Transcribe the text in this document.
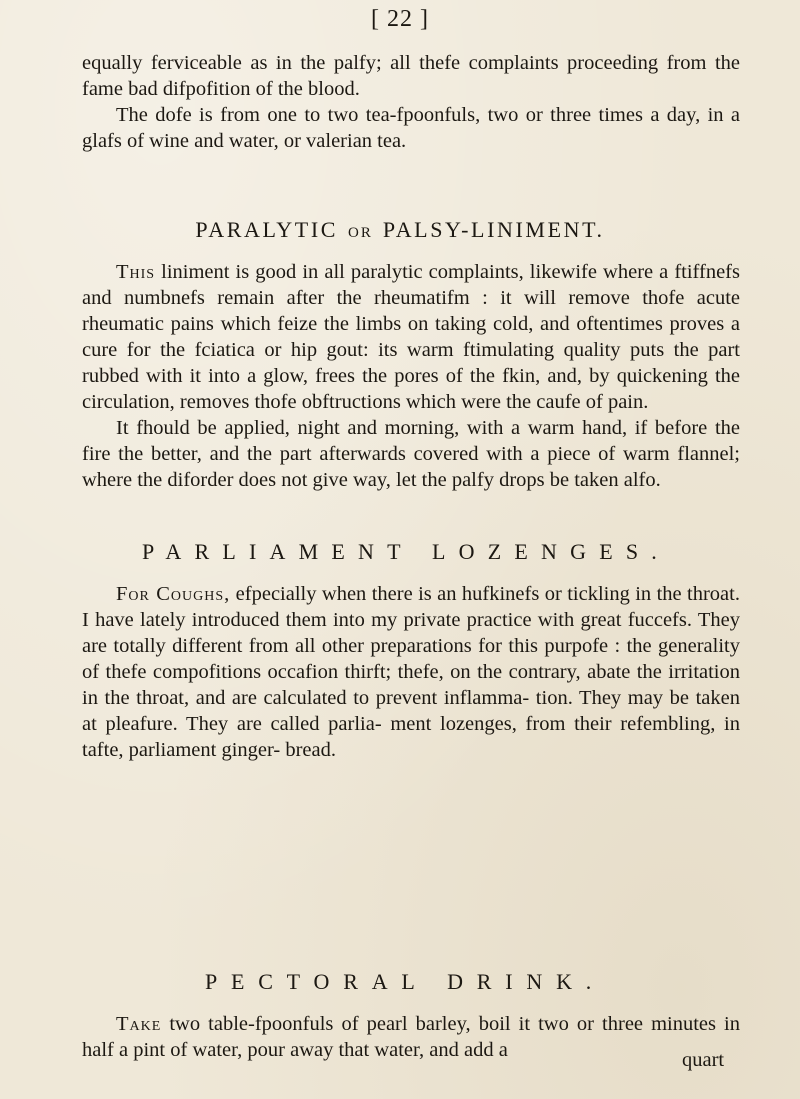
[ 22 ]

equally ferviceable as in the palfy; all thefe complaints proceeding from the fame bad difpofition of the blood.

The dofe is from one to two tea-fpoonfuls, two or three times a day, in a glafs of wine and water, or valerian tea.

PARALYTIC OR PALSY-LINIMENT.

This liniment is good in all paralytic complaints, likewife where a ftiffnefs and numbnefs remain after the rheumatifm : it will remove thofe acute rheumatic pains which feize the limbs on taking cold, and oftentimes proves a cure for the fciatica or hip gout: its warm ftimulating quality puts the part rubbed with it into a glow, frees the pores of the fkin, and, by quickening the circulation, removes thofe obftructions which were the caufe of pain.

It fhould be applied, night and morning, with a warm hand, if before the fire the better, and the part afterwards covered with a piece of warm flannel; where the diforder does not give way, let the palfy drops be taken alfo.

PARLIAMENT LOZENGES.

For Coughs, efpecially when there is an hufkinefs or tickling in the throat. I have lately introduced them into my private practice with great fuccefs. They are totally different from all other preparations for this purpofe : the generality of thefe compofitions occafion thirft; thefe, on the contrary, abate the irritation in the throat, and are calculated to prevent inflamma- tion. They may be taken at pleafure. They are called parlia- ment lozenges, from their refembling, in tafte, parliament ginger- bread.

PECTORAL DRINK.

Take two table-fpoonfuls of pearl barley, boil it two or three minutes in half a pint of water, pour away that water, and add a	quart
